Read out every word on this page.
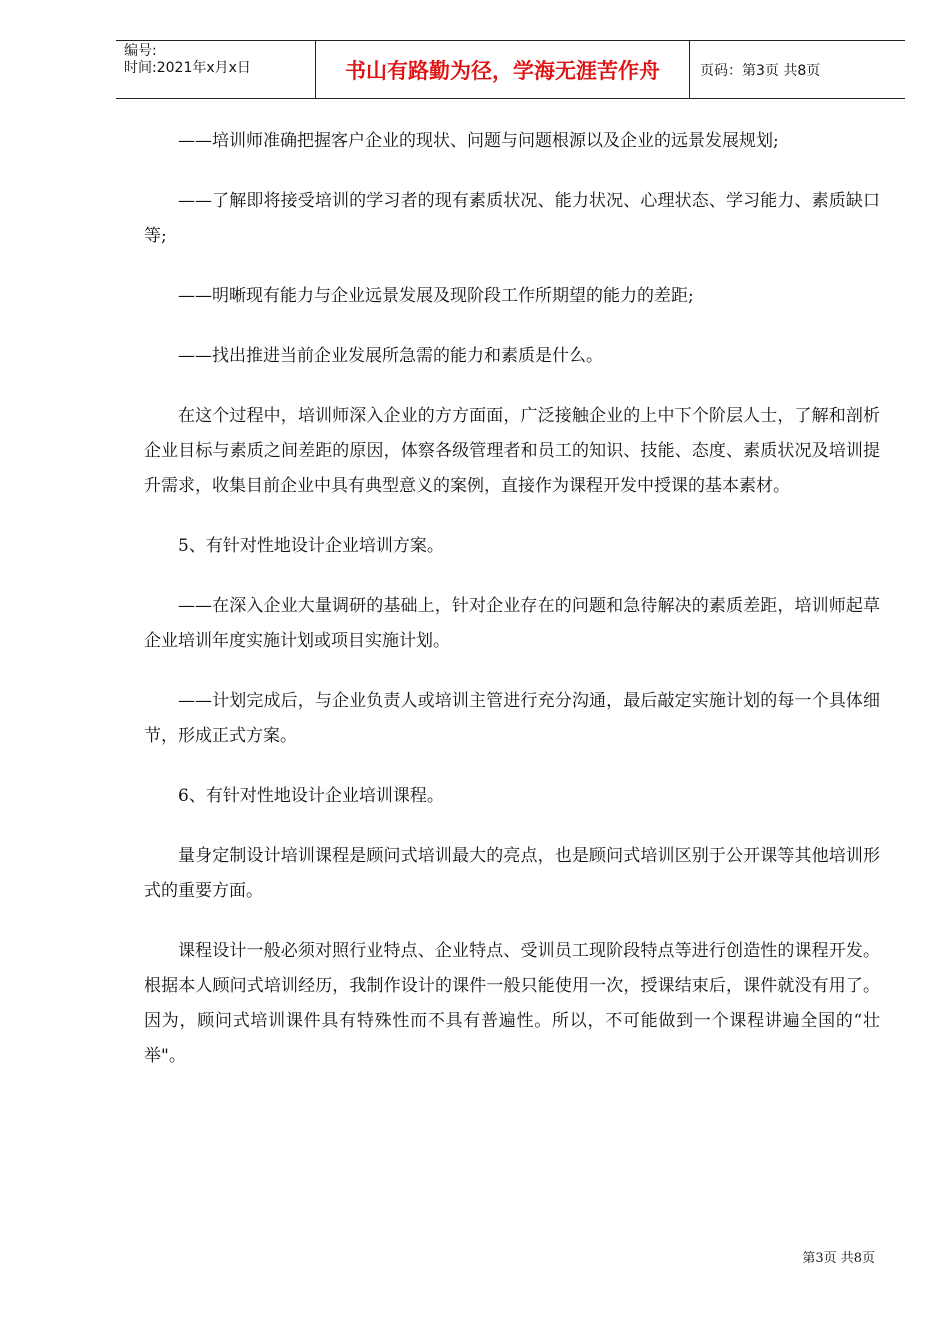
编号:
时间:2021年x月x日	书山有路勤为径，学海无涯苦作舟	页码：第3页 共8页

——培训师准确把握客户企业的现状、问题与问题根源以及企业的远景发展规划;

——了解即将接受培训的学习者的现有素质状况、能力状况、心理状态、学习能力、素质缺口等;

——明晰现有能力与企业远景发展及现阶段工作所期望的能力的差距;

——找出推进当前企业发展所急需的能力和素质是什么。

在这个过程中，培训师深入企业的方方面面，广泛接触企业的上中下个阶层人士，了解和剖析企业目标与素质之间差距的原因，体察各级管理者和员工的知识、技能、态度、素质状况及培训提升需求，收集目前企业中具有典型意义的案例，直接作为课程开发中授课的基本素材。

5、有针对性地设计企业培训方案。

——在深入企业大量调研的基础上，针对企业存在的问题和急待解决的素质差距，培训师起草企业培训年度实施计划或项目实施计划。

——计划完成后，与企业负责人或培训主管进行充分沟通，最后敲定实施计划的每一个具体细节，形成正式方案。

6、有针对性地设计企业培训课程。

量身定制设计培训课程是顾问式培训最大的亮点，也是顾问式培训区别于公开课等其他培训形式的重要方面。

课程设计一般必须对照行业特点、企业特点、受训员工现阶段特点等进行创造性的课程开发。根据本人顾问式培训经历，我制作设计的课件一般只能使用一次，授课结束后，课件就没有用了。因为，顾问式培训课件具有特殊性而不具有普遍性。所以，不可能做到一个课程讲遍全国的“壮举"。

第3页 共8页
